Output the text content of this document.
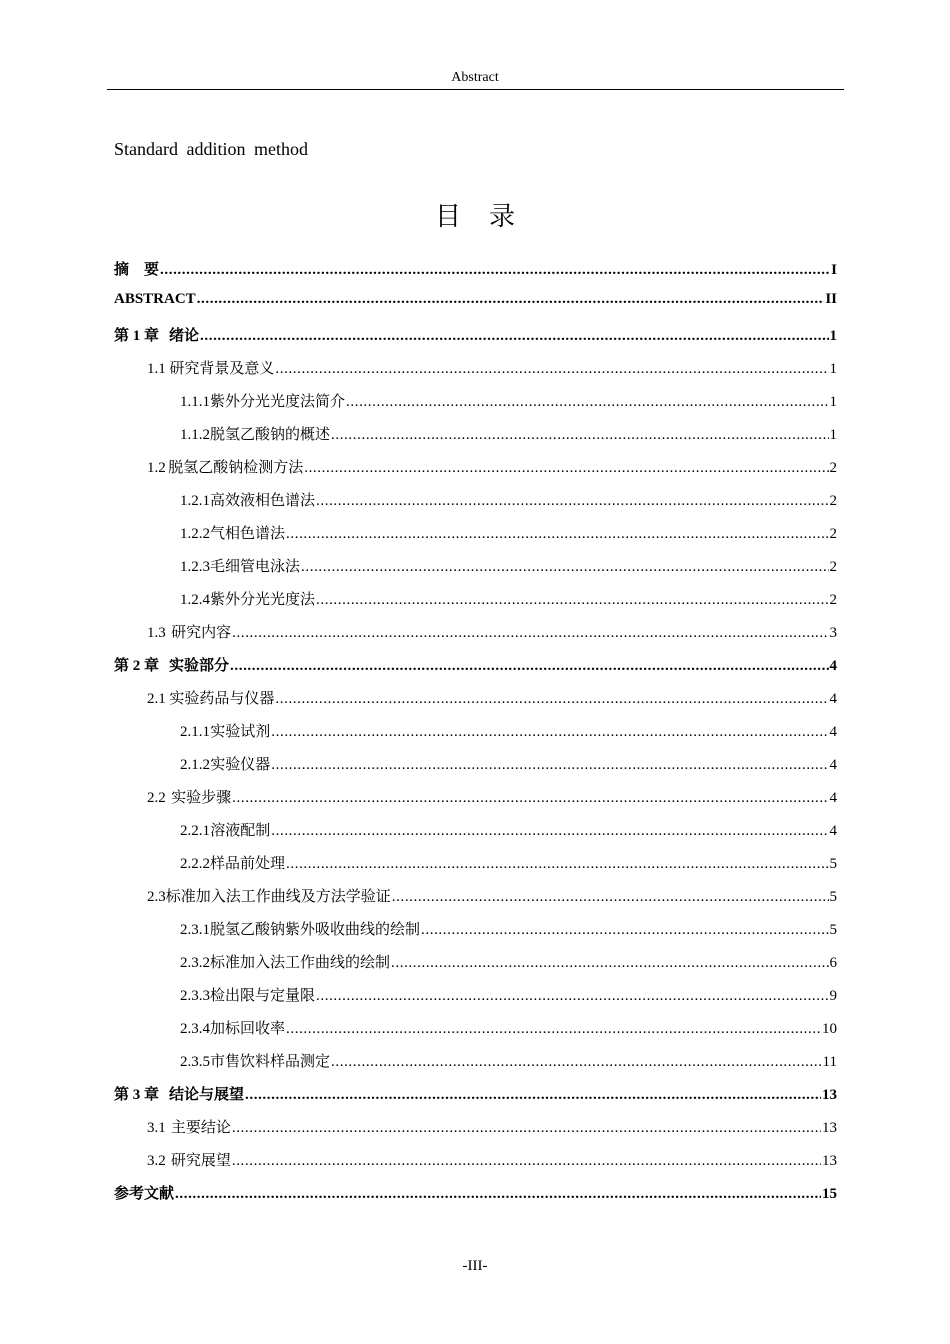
Abstract
Standard addition method
目录
摘　要 .....	I
ABSTRACT .....	II
第 1 章 绪论 .....	1
1.1 研究背景及意义 .....	1
1.1.1 紫外分光光度法简介 .....	1
1.1.2 脱氢乙酸钠的概述 .....	1
1.2 脱氢乙酸钠检测方法 .....	2
1.2.1 高效液相色谱法 .....	2
1.2.2 气相色谱法 .....	2
1.2.3 毛细管电泳法 .....	2
1.2.4 紫外分光光度法 .....	2
1.3 研究内容 .....	3
第 2 章 实验部分 .....	4
2.1 实验药品与仪器 .....	4
2.1.1 实验试剂 .....	4
2.1.2 实验仪器 .....	4
2.2 实验步骤 .....	4
2.2.1 溶液配制 .....	4
2.2.2 样品前处理 .....	5
2.3 标准加入法工作曲线及方法学验证 .....	5
2.3.1 脱氢乙酸钠紫外吸收曲线的绘制 .....	5
2.3.2 标准加入法工作曲线的绘制 .....	6
2.3.3 检出限与定量限 .....	9
2.3.4 加标回收率 .....	10
2.3.5 市售饮料样品测定 .....	11
第 3 章 结论与展望 .....	13
3.1 主要结论 .....	13
3.2 研究展望 .....	13
参考文献 .....	15
-III-
